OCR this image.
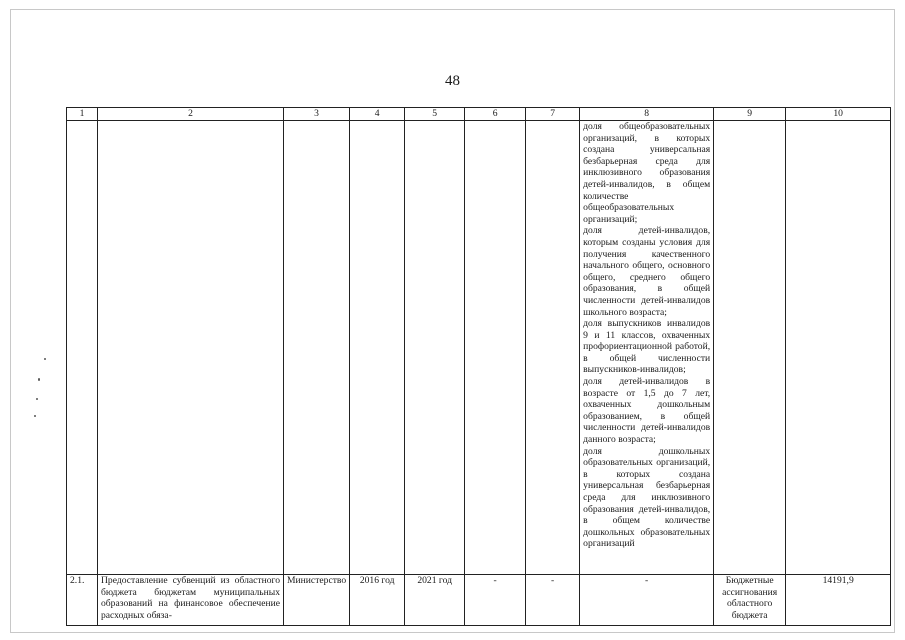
48
1	2	3	4	5	6	7	8	9	10

							доля общеобразовательных организаций, в которых создана универсальная безбарьерная среда для инклюзивного образования детей-инвалидов, в общем количестве общеобразовательных организаций;

доля детей-инвалидов, которым созданы условия для получения качественного начального общего, основного общего, среднего общего образования, в общей численности детей-инвалидов школьного возраста;

доля выпускников инвалидов 9 и 11 классов, охваченных профориентационной работой, в общей численности выпускников-инвалидов;

доля детей-инвалидов в возрасте от 1,5 до 7 лет, охваченных дошкольным образованием, в общей численности детей-инвалидов данного возраста;

доля дошкольных образовательных организаций, в которых создана универсальная безбарьерная среда для инклюзивного образования детей-инвалидов, в общем количестве дошкольных образовательных организаций		

2.1.	Предоставление субвенций из областного бюджета бюджетам муниципальных образований на финансовое обеспечение расходных обяза-	Министерство	2016 год	2021 год	-	-	-	Бюджетные ассигнования областного бюджета	14191,9
